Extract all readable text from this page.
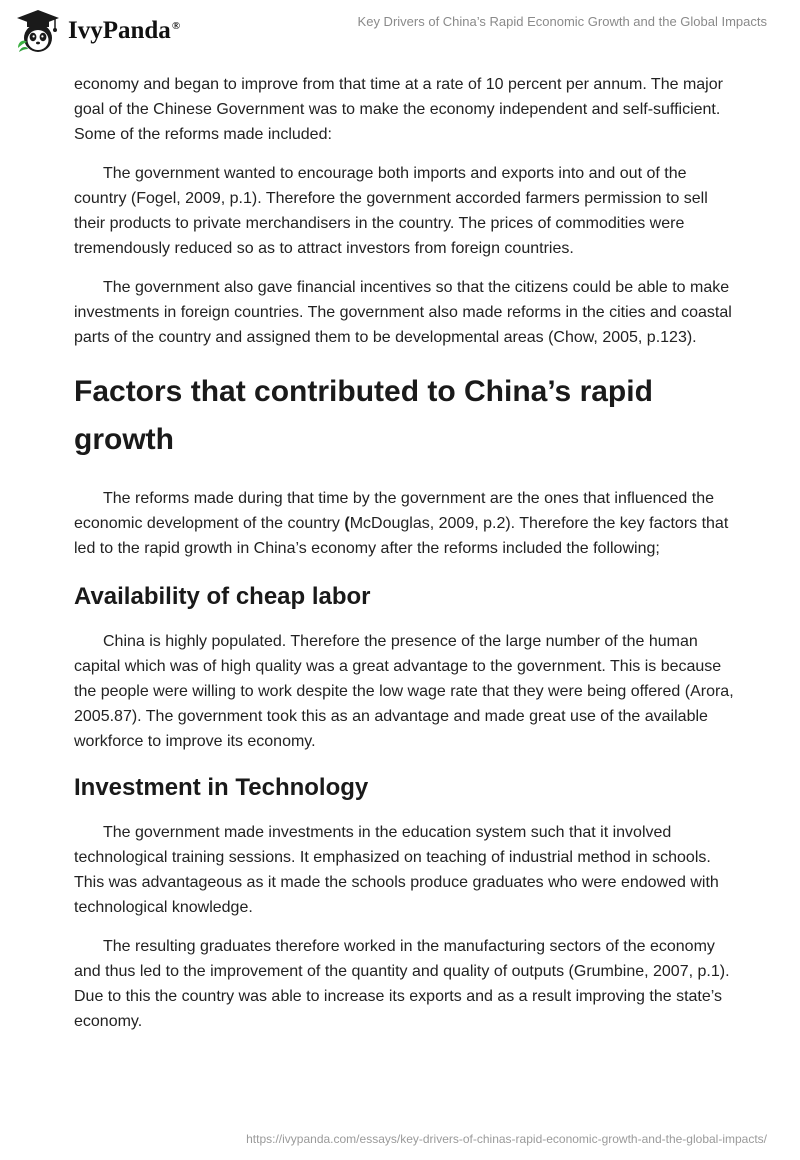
IvyPanda®	Key Drivers of China’s Rapid Economic Growth and the Global Impacts

economy and began to improve from that time at a rate of 10 percent per annum. The major goal of the Chinese Government was to make the economy independent and self-sufficient. Some of the reforms made included:

The government wanted to encourage both imports and exports into and out of the country (Fogel, 2009, p.1). Therefore the government accorded farmers permission to sell their products to private merchandisers in the country. The prices of commodities were tremendously reduced so as to attract investors from foreign countries.

The government also gave financial incentives so that the citizens could be able to make investments in foreign countries. The government also made reforms in the cities and coastal parts of the country and assigned them to be developmental areas (Chow, 2005, p.123).

Factors that contributed to China’s rapid growth

The reforms made during that time by the government are the ones that influenced the economic development of the country (McDouglas, 2009, p.2). Therefore the key factors that led to the rapid growth in China’s economy after the reforms included the following;

Availability of cheap labor

China is highly populated. Therefore the presence of the large number of the human capital which was of high quality was a great advantage to the government. This is because the people were willing to work despite the low wage rate that they were being offered (Arora, 2005.87). The government took this as an advantage and made great use of the available workforce to improve its economy.

Investment in Technology

The government made investments in the education system such that it involved technological training sessions. It emphasized on teaching of industrial method in schools. This was advantageous as it made the schools produce graduates who were endowed with technological knowledge.

The resulting graduates therefore worked in the manufacturing sectors of the economy and thus led to the improvement of the quantity and quality of outputs (Grumbine, 2007, p.1). Due to this the country was able to increase its exports and as a result improving the state’s economy.

https://ivypanda.com/essays/key-drivers-of-chinas-rapid-economic-growth-and-the-global-impacts/
